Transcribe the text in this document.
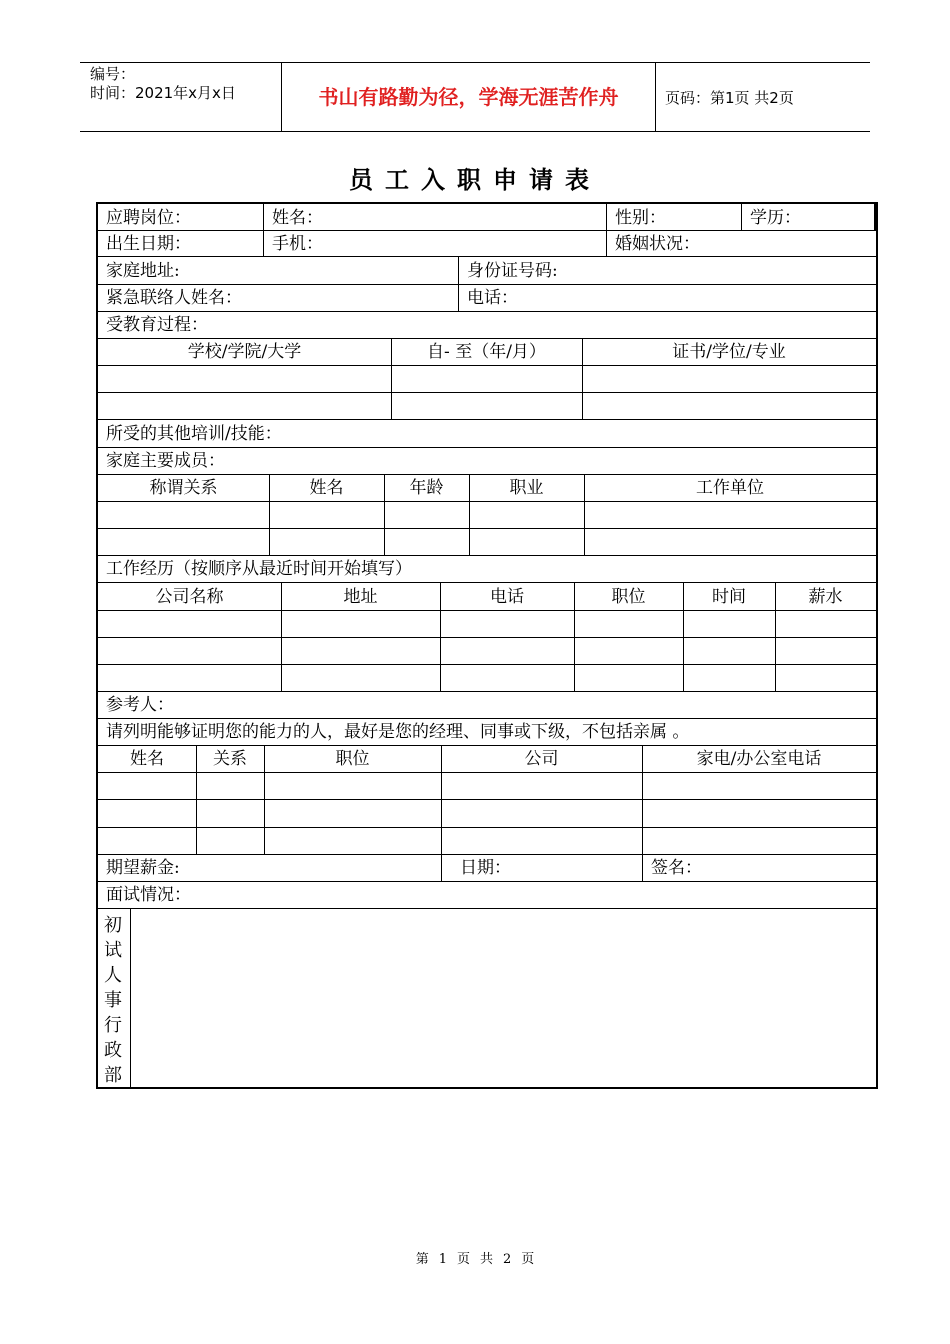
编号：
时间：2021年x月x日	书山有路勤为径，学海无涯苦作舟	页码：第1页 共2页
员工入职申请表
应聘岗位：	姓名：	性别：	学历：
出生日期：	手机：	婚姻状况：
家庭地址:	身份证号码:
紧急联络人姓名：	电话：
受教育过程：
学校/学院/大学	自- 至（年/月）	证书/学位/专业
所受的其他培训/技能：
家庭主要成员：
称谓关系	姓名	年龄	职业	工作单位
工作经历（按顺序从最近时间开始填写）
公司名称	地址	电话	职位	时间	薪水
参考人：
请列明能够证明您的能力的人，最好是您的经理、同事或下级，不包括亲属 。
姓名	关系	职位	公司	家电/办公室电话
期望薪金:	日期：	签名：
面试情况：
初试人事行政部
第 1 页 共 2 页
